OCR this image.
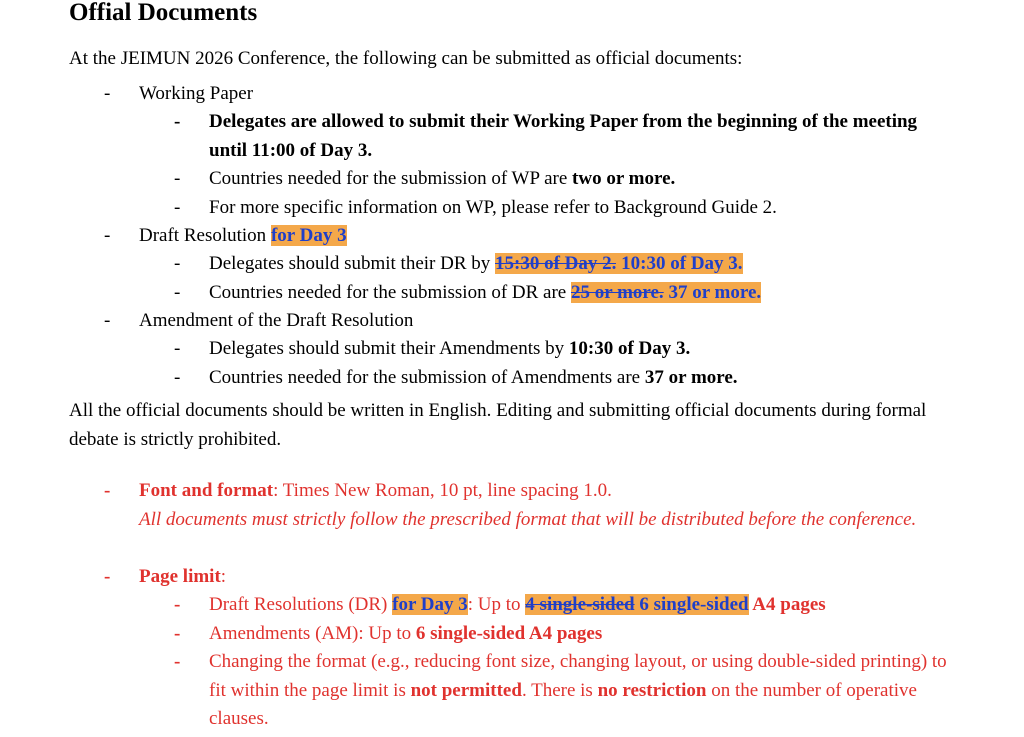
Offial Documents

At the JEIMUN 2026 Conference, the following can be submitted as official documents:

- Working Paper
- Delegates are allowed to submit their Working Paper from the beginning of the meeting until 11:00 of Day 3.
- Countries needed for the submission of WP are two or more.
- For more specific information on WP, please refer to Background Guide 2.
- Draft Resolution for Day 3
- Delegates should submit their DR by 15:30 of Day 2. 10:30 of Day 3.
- Countries needed for the submission of DR are 25 or more. 37 or more.
- Amendment of the Draft Resolution
- Delegates should submit their Amendments by 10:30 of Day 3.
- Countries needed for the submission of Amendments are 37 or more.

All the official documents should be written in English. Editing and submitting official documents during formal debate is strictly prohibited.

- Font and format: Times New Roman, 10 pt, line spacing 1.0.
All documents must strictly follow the prescribed format that will be distributed before the conference.
- Page limit:
- Draft Resolutions (DR) for Day 3: Up to 4 single-sided 6 single-sided A4 pages
- Amendments (AM): Up to 6 single-sided A4 pages
- Changing the format (e.g., reducing font size, changing layout, or using double-sided printing) to fit within the page limit is not permitted. There is no restriction on the number of operative clauses.
